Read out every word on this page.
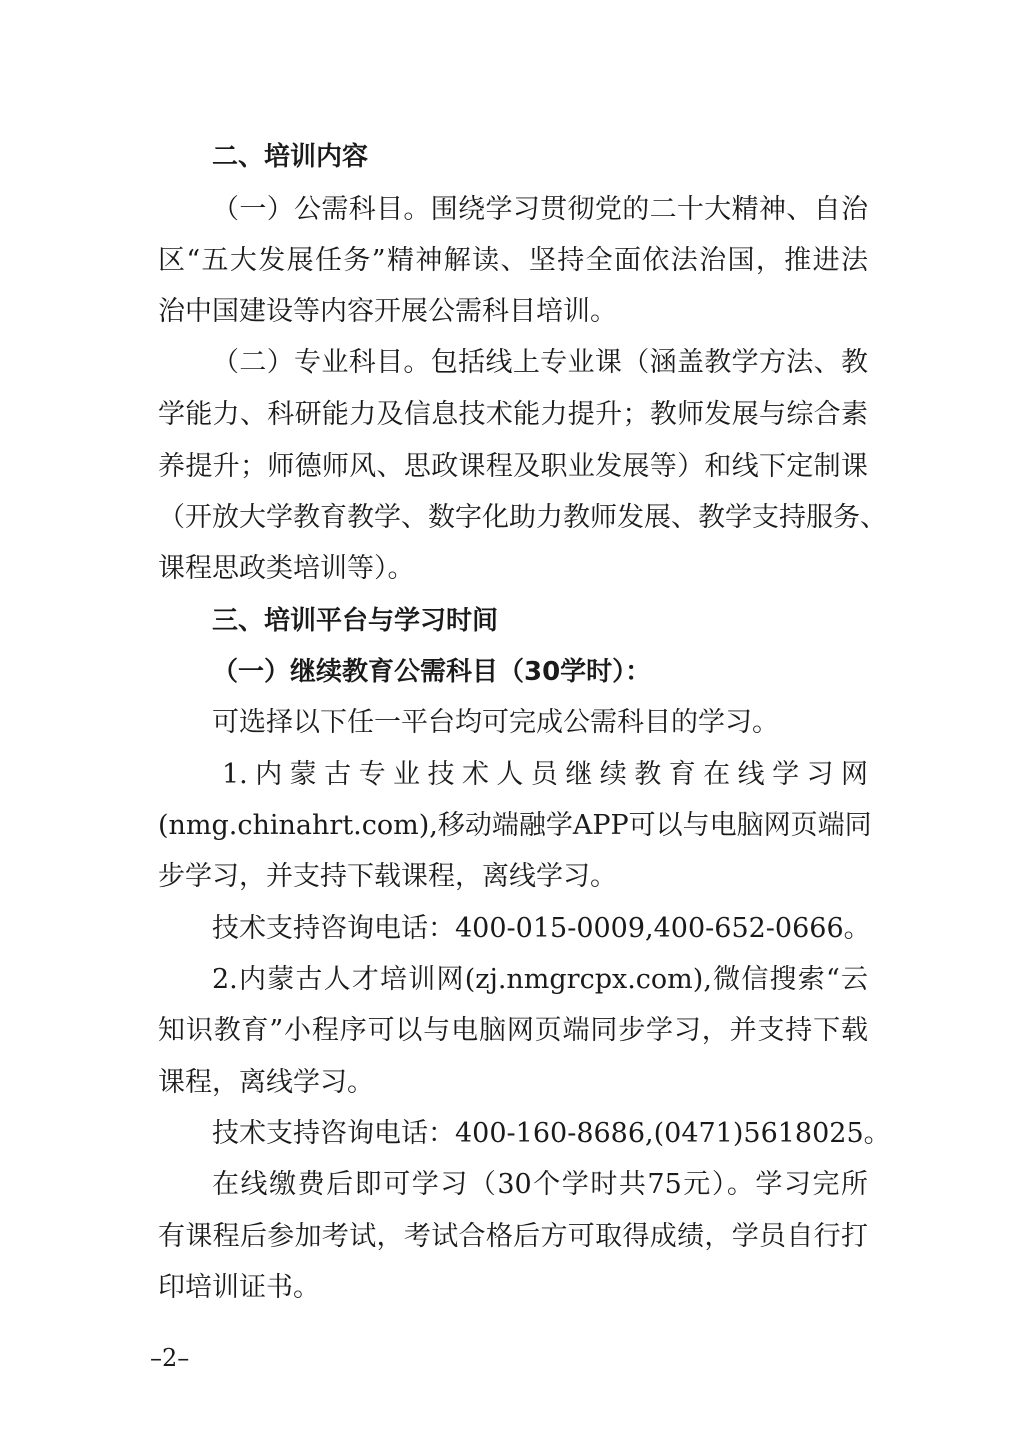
二、培训内容
（一）公需科目。围绕学习贯彻党的二十大精神、自治
区“五大发展任务”精神解读、坚持全面依法治国，推进法
治中国建设等内容开展公需科目培训。
（二）专业科目。包括线上专业课（涵盖教学方法、教
学能力、科研能力及信息技术能力提升；教师发展与综合素
养提升；师德师风、思政课程及职业发展等）和线下定制课
（开放大学教育教学、数字化助力教师发展、教学支持服务、
课程思政类培训等）。
三、培训平台与学习时间
（一）继续教育公需科目（30学时）：
可选择以下任一平台均可完成公需科目的学习。
1.内蒙古专业技术人员继续教育在线学习网
(nmg.chinahrt.com),移动端融学APP可以与电脑网页端同
步学习，并支持下载课程，离线学习。
技术支持咨询电话：400-015-0009,400-652-0666。
2.内蒙古人才培训网(zj.nmgrcpx.com),微信搜索“云
知识教育”小程序可以与电脑网页端同步学习，并支持下载
课程，离线学习。
技术支持咨询电话：400-160-8686,(0471)5618025。
在线缴费后即可学习（30个学时共75元）。学习完所
有课程后参加考试，考试合格后方可取得成绩，学员自行打
印培训证书。
–2–
